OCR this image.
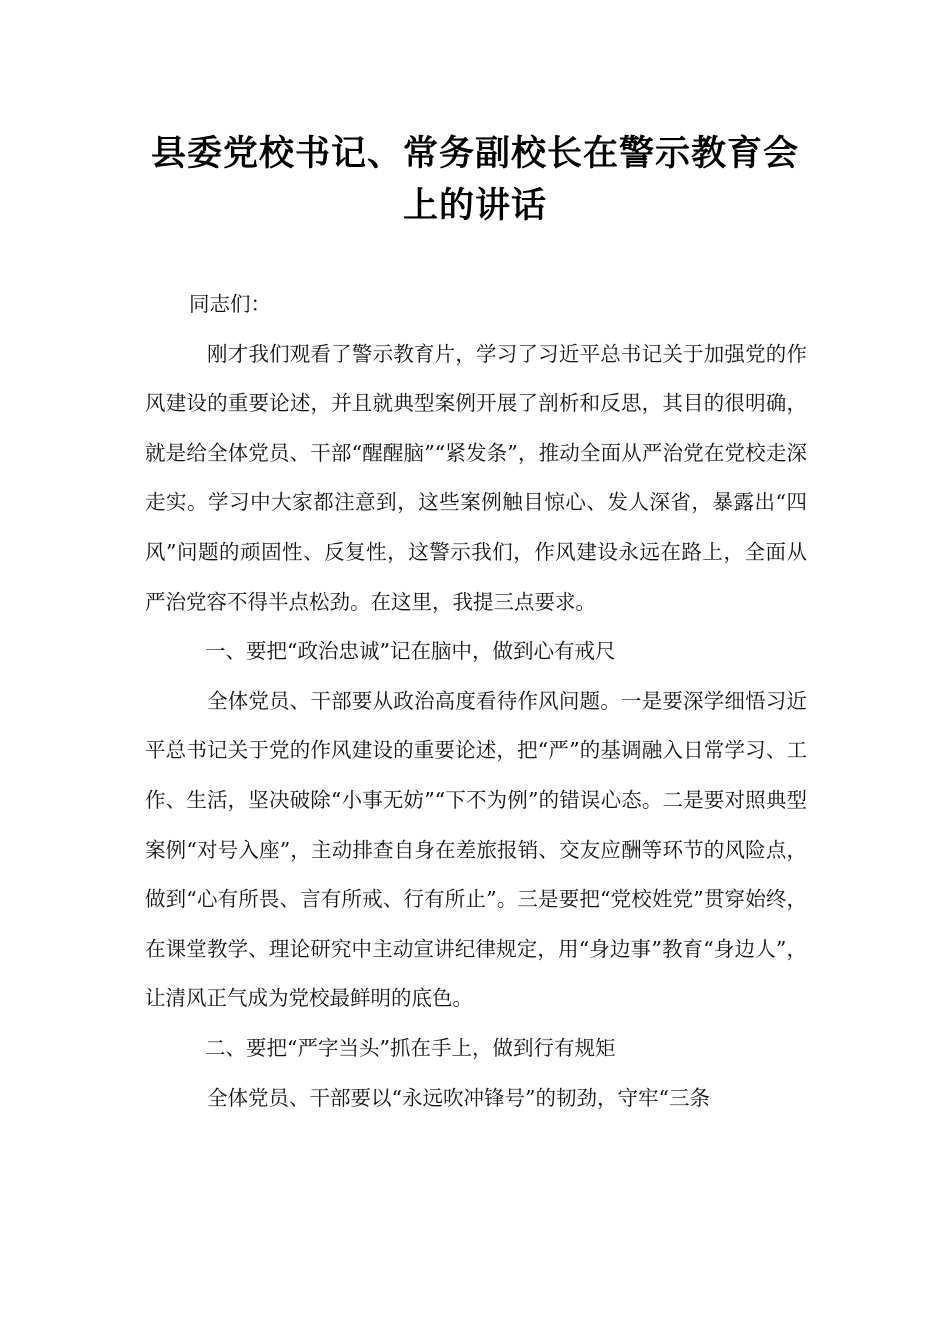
县委党校书记、常务副校长在警示教育会
上的讲话

同志们：

刚才我们观看了警示教育片，学习了习近平总书记关于加强党的作风建设的重要论述，并且就典型案例开展了剖析和反思，其目的很明确，就是给全体党员、干部“醒醒脑”“紧发条”，推动全面从严治党在党校走深走实。学习中大家都注意到，这些案例触目惊心、发人深省，暴露出“四风”问题的顽固性、反复性，这警示我们，作风建设永远在路上，全面从严治党容不得半点松劲。在这里，我提三点要求。

一、要把“政治忠诚”记在脑中，做到心有戒尺

全体党员、干部要从政治高度看待作风问题。一是要深学细悟习近平总书记关于党的作风建设的重要论述，把“严”的基调融入日常学习、工作、生活，坚决破除“小事无妨”“下不为例”的错误心态。二是要对照典型案例“对号入座”，主动排查自身在差旅报销、交友应酬等环节的风险点，做到“心有所畏、言有所戒、行有所止”。三是要把“党校姓党”贯穿始终，在课堂教学、理论研究中主动宣讲纪律规定，用“身边事”教育“身边人”，让清风正气成为党校最鲜明的底色。

二、要把“严字当头”抓在手上，做到行有规矩

全体党员、干部要以“永远吹冲锋号”的韧劲，守牢“三条
